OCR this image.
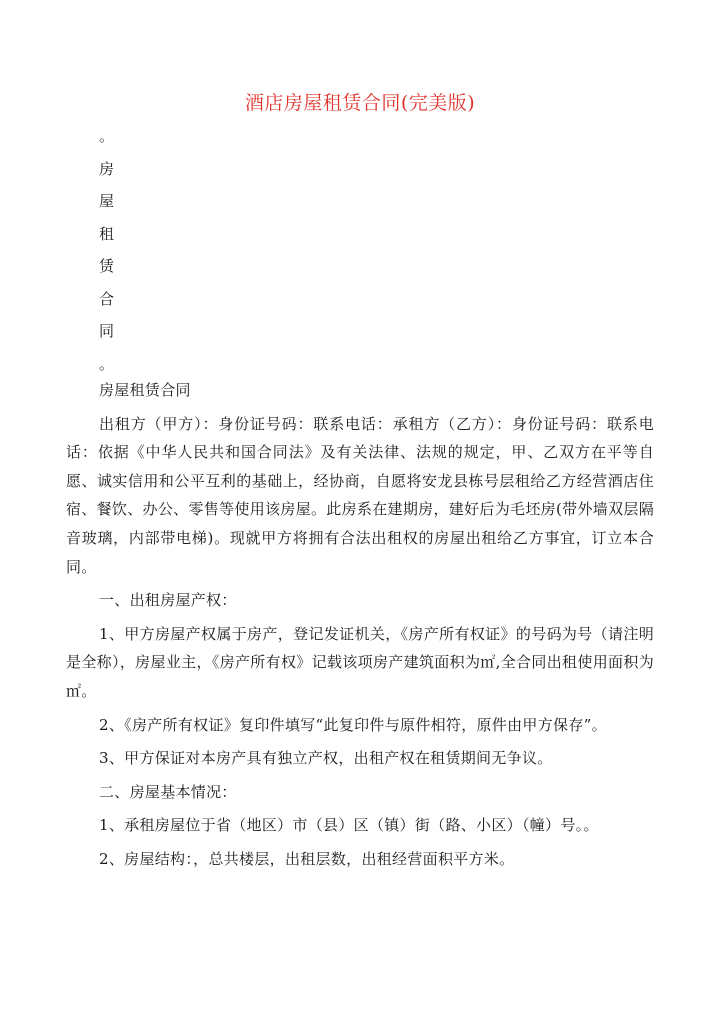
酒店房屋租赁合同(完美版)
。
房
屋
租
赁
合
同
。

房屋租赁合同

出租方（甲方）：身份证号码：联系电话：承租方（乙方）：身份证号码：联系电话：依据《中华人民共和国合同法》及有关法律、法规的规定，甲、乙双方在平等自愿、诚实信用和公平互利的基础上，经协商，自愿将安龙县栋号层租给乙方经营酒店住宿、餐饮、办公、零售等使用该房屋。此房系在建期房，建好后为毛坯房(带外墙双层隔音玻璃，内部带电梯)。现就甲方将拥有合法出租权的房屋出租给乙方事宜，订立本合同。

一、出租房屋产权：

1、甲方房屋产权属于房产，登记发证机关，《房产所有权证》的号码为号（请注明是全称），房屋业主，《房产所有权》记载该项房产建筑面积为㎡,全合同出租使用面积为㎡。

2、《房产所有权证》复印件填写“此复印件与原件相符，原件由甲方保存”。

3、甲方保证对本房产具有独立产权，出租产权在租赁期间无争议。

二、房屋基本情况：

1、承租房屋位于省（地区）市（县）区（镇）街（路、小区）（幢）号。。

2、房屋结构：，总共楼层，出租层数，出租经营面积平方米。
